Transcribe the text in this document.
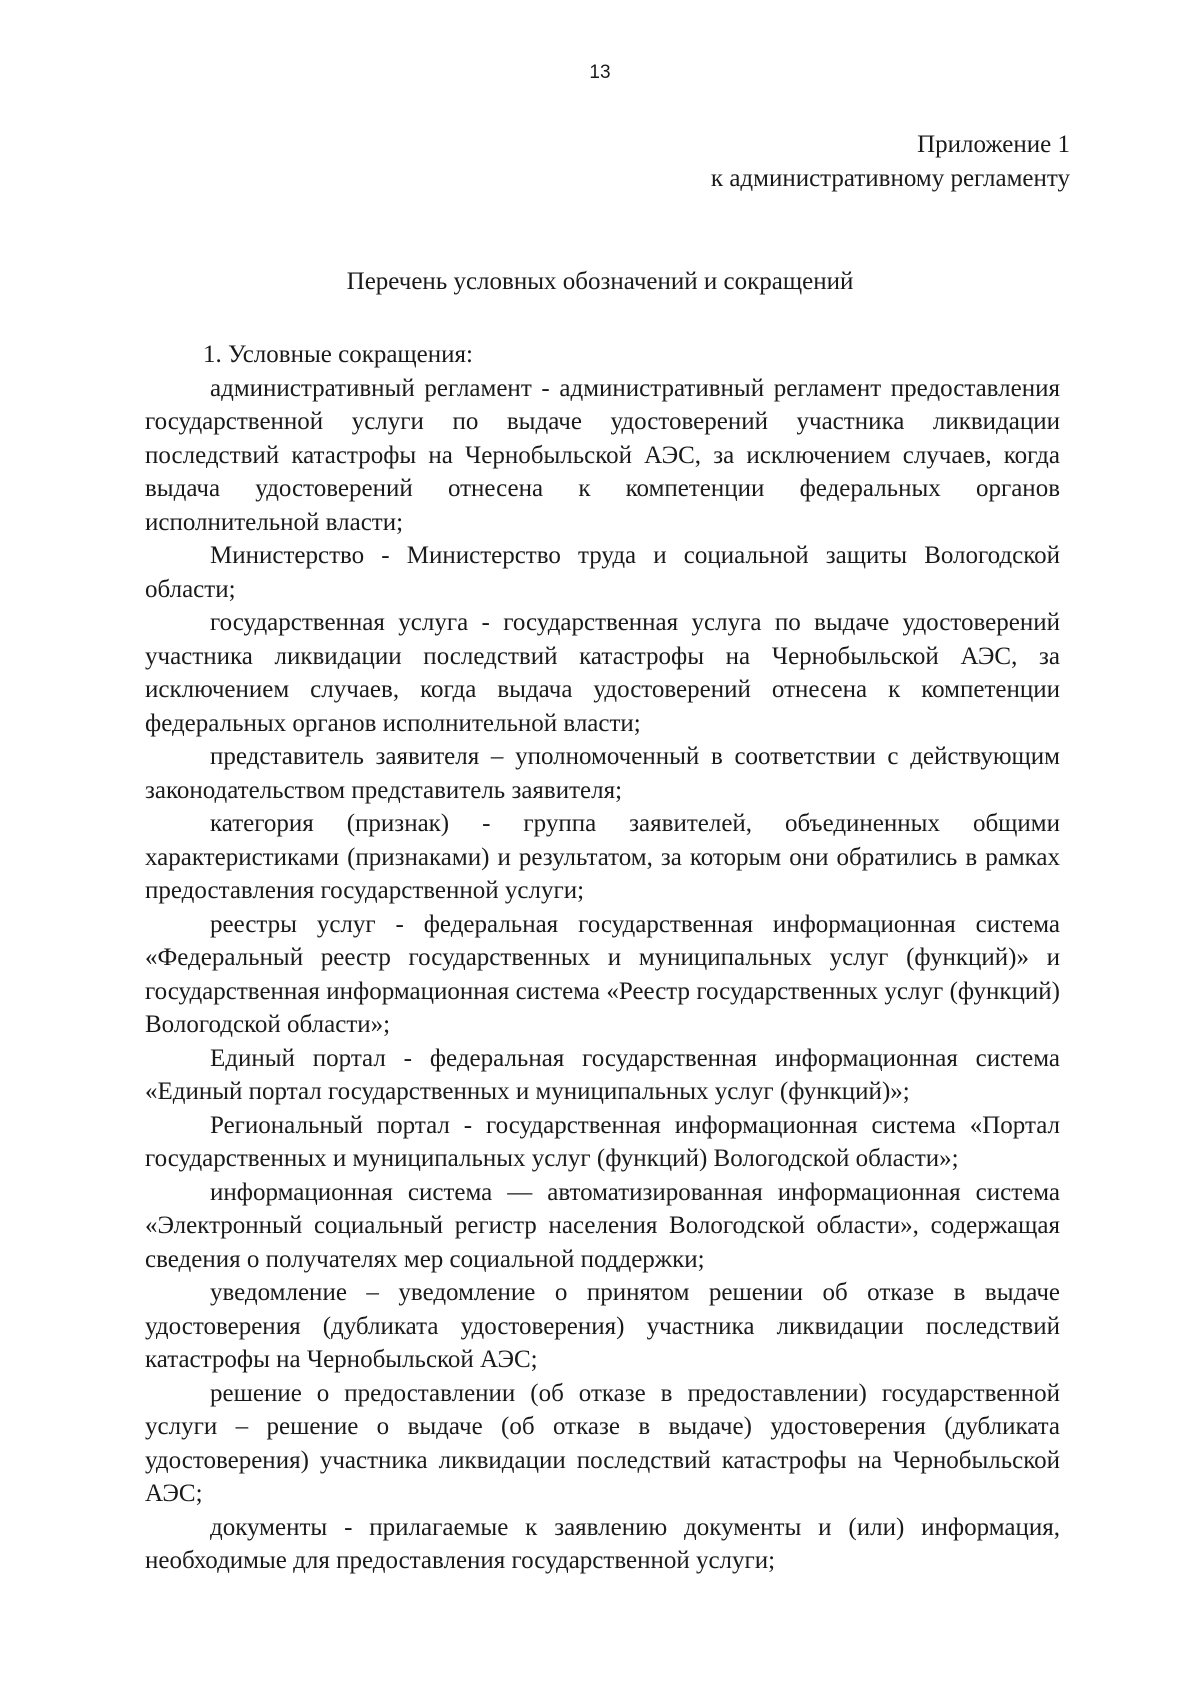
13
Приложение 1
к административному регламенту
Перечень условных обозначений и сокращений

1. Условные сокращения:

административный регламент - административный регламент предоставления государственной услуги по выдаче удостоверений участника ликвидации последствий катастрофы на Чернобыльской АЭС, за исключением случаев, когда выдача удостоверений отнесена к компетенции федеральных органов исполнительной власти;

Министерство - Министерство труда и социальной защиты Вологодской области;

государственная услуга - государственная услуга по выдаче удостоверений участника ликвидации последствий катастрофы на Чернобыльской АЭС, за исключением случаев, когда выдача удостоверений отнесена к компетенции федеральных органов исполнительной власти;

представитель заявителя – уполномоченный в соответствии с действующим законодательством представитель заявителя;

категория (признак) - группа заявителей, объединенных общими характеристиками (признаками) и результатом, за которым они обратились в рамках предоставления государственной услуги;

реестры услуг - федеральная государственная информационная система «Федеральный реестр государственных и муниципальных услуг (функций)» и государственная информационная система «Реестр государственных услуг (функций) Вологодской области»;

Единый портал - федеральная государственная информационная система «Единый портал государственных и муниципальных услуг (функций)»;

Региональный портал - государственная информационная система «Портал государственных и муниципальных услуг (функций) Вологодской области»;

информационная система — автоматизированная информационная система «Электронный социальный регистр населения Вологодской области», содержащая сведения о получателях мер социальной поддержки;

уведомление – уведомление о принятом решении об отказе в выдаче удостоверения (дубликата удостоверения) участника ликвидации последствий катастрофы на Чернобыльской АЭС;

решение о предоставлении (об отказе в предоставлении) государственной услуги – решение о выдаче (об отказе в выдаче) удостоверения (дубликата удостоверения) участника ликвидации последствий катастрофы на Чернобыльской АЭС;

документы - прилагаемые к заявлению документы и (или) информация, необходимые для предоставления государственной услуги;
